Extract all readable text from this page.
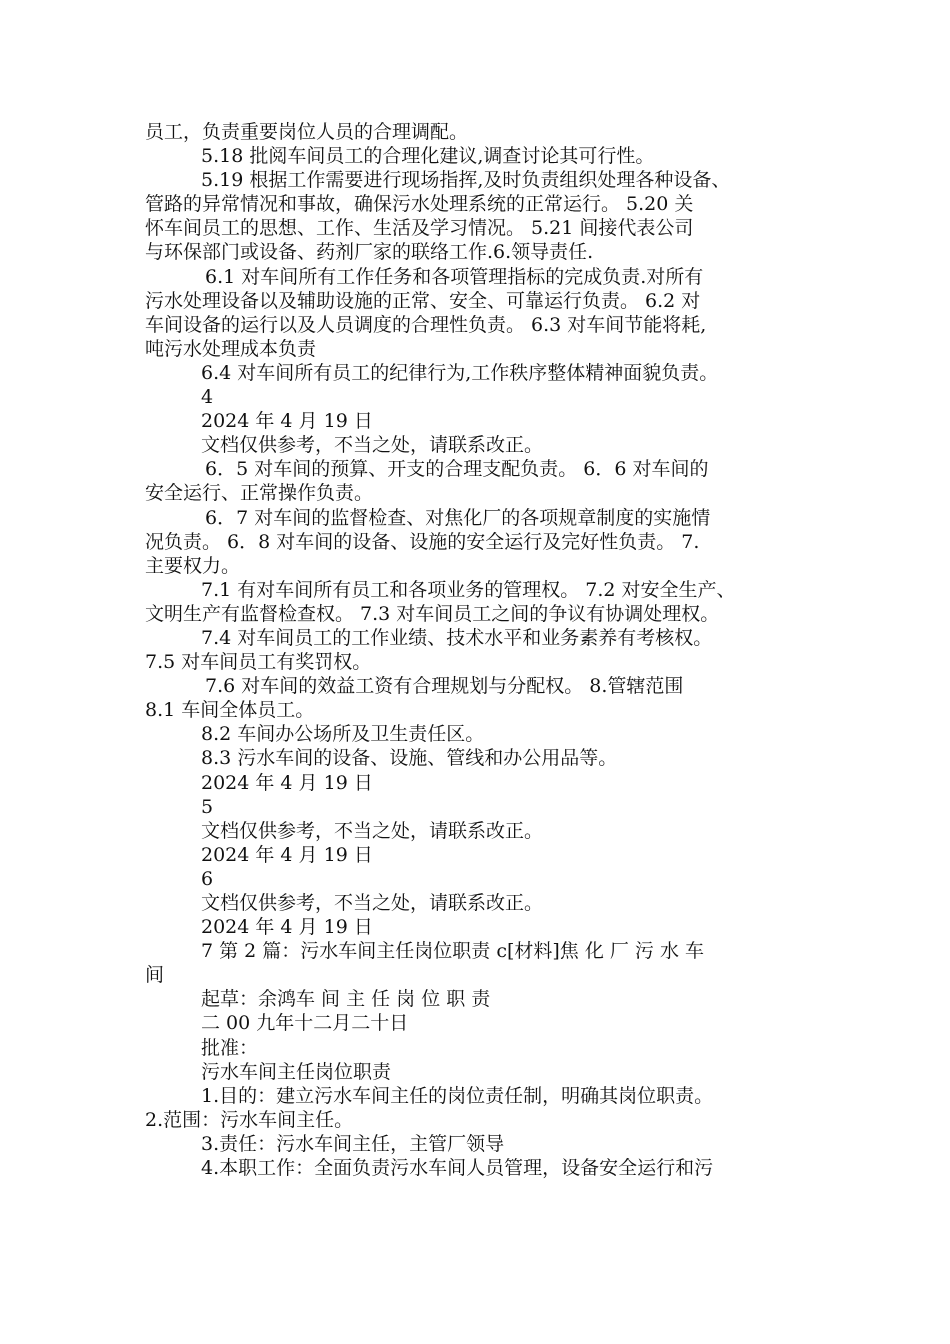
员工，负责重要岗位人员的合理调配。
5.18 批阅车间员工的合理化建议,调查讨论其可行性。
5.19 根据工作需要进行现场指挥,及时负责组织处理各种设备、
管路的异常情况和事故，确保污水处理系统的正常运行。 5.20 关
怀车间员工的思想、工作、生活及学习情况。 5.21 间接代表公司
与环保部门或设备、药剂厂家的联络工作.6.领导责任.
6.1 对车间所有工作任务和各项管理指标的完成负责.对所有
污水处理设备以及辅助设施的正常、安全、可靠运行负责。 6.2 对
车间设备的运行以及人员调度的合理性负责。 6.3 对车间节能将耗,
吨污水处理成本负责
6.4 对车间所有员工的纪律行为,工作秩序整体精神面貌负责。
4
2024 年 4 月 19 日
文档仅供参考，不当之处，请联系改正。
6．5 对车间的预算、开支的合理支配负责。 6．6 对车间的
安全运行、正常操作负责。
6．7 对车间的监督检查、对焦化厂的各项规章制度的实施情
况负责。 6．8 对车间的设备、设施的安全运行及完好性负责。 7.
主要权力。
7.1 有对车间所有员工和各项业务的管理权。 7.2 对安全生产、
文明生产有监督检查权。 7.3 对车间员工之间的争议有协调处理权。
7.4 对车间员工的工作业绩、技术水平和业务素养有考核权。
7.5 对车间员工有奖罚权。
7.6 对车间的效益工资有合理规划与分配权。 8.管辖范围
8.1 车间全体员工。
8.2 车间办公场所及卫生责任区。
8.3 污水车间的设备、设施、管线和办公用品等。
2024 年 4 月 19 日
5
文档仅供参考，不当之处，请联系改正。
2024 年 4 月 19 日
6
文档仅供参考，不当之处，请联系改正。
2024 年 4 月 19 日
7 第 2 篇：污水车间主任岗位职责 c[材料]焦 化 厂 污 水 车
间
起草：余鸿车 间 主 任 岗 位 职 责
二 00 九年十二月二十日
批准：
污水车间主任岗位职责
1.目的：建立污水车间主任的岗位责任制，明确其岗位职责。
2.范围：污水车间主任。
3.责任：污水车间主任，主管厂领导
4.本职工作：全面负责污水车间人员管理，设备安全运行和污
